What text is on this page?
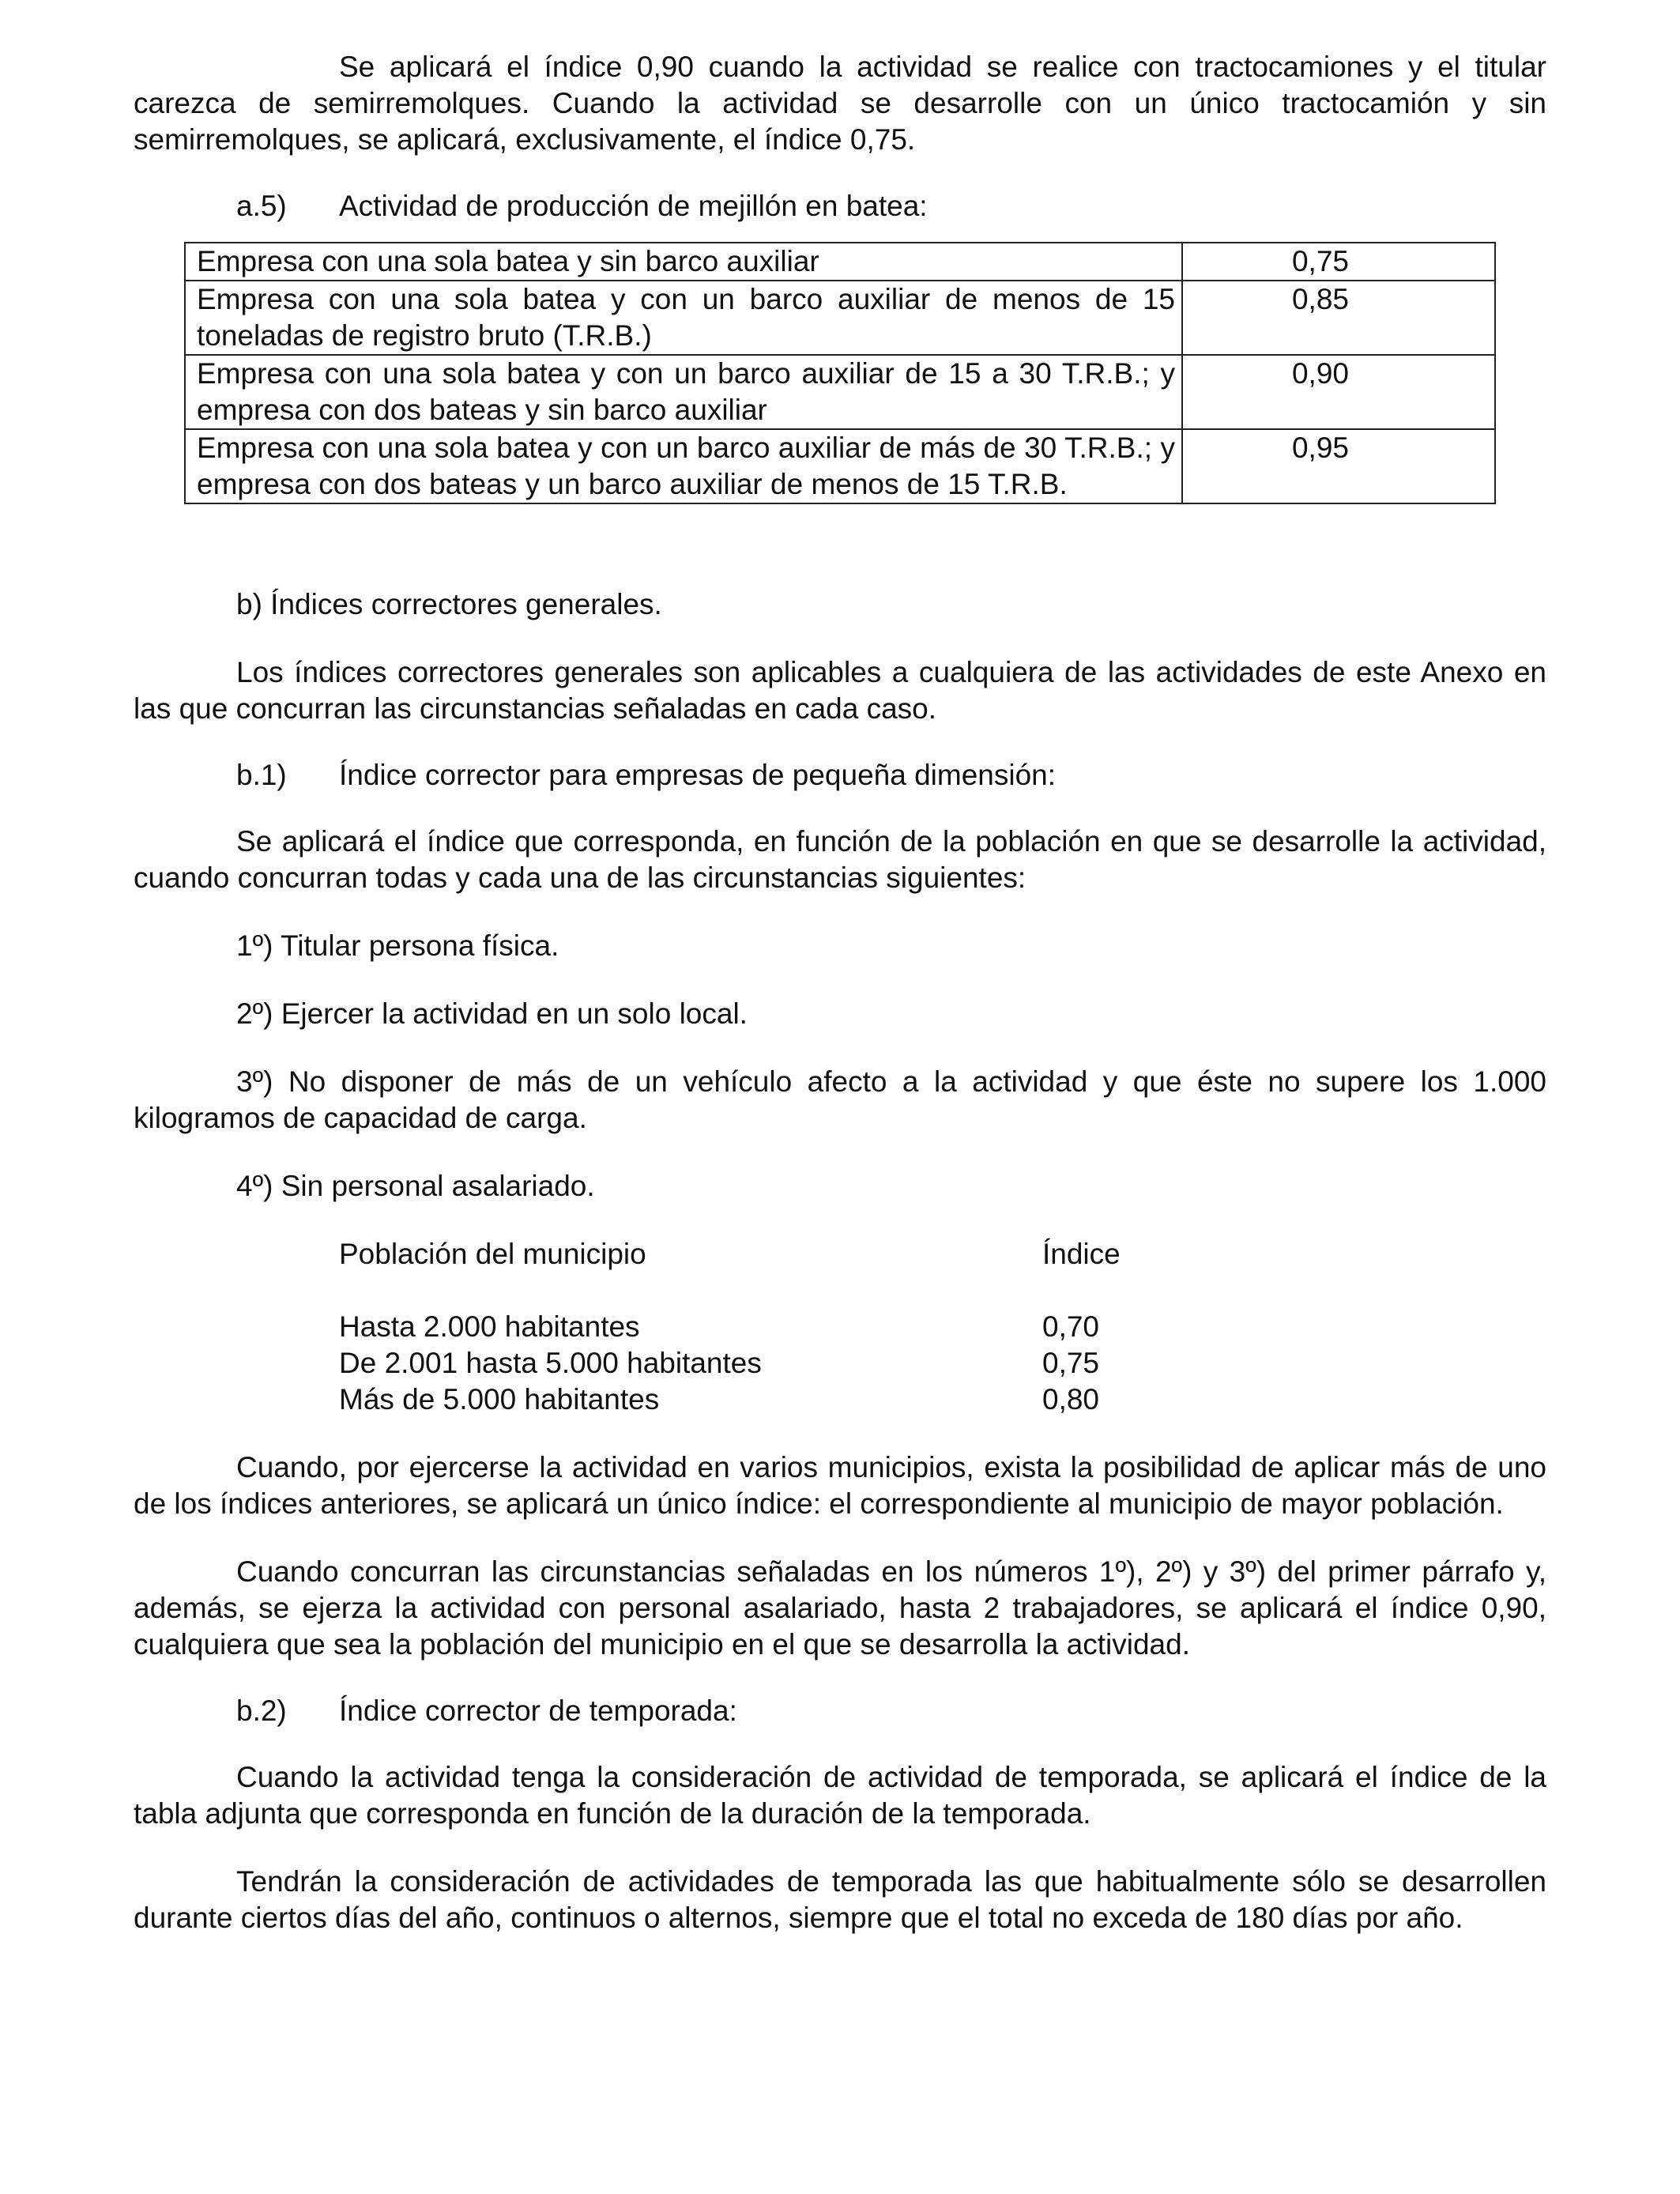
Se aplicará el índice 0,90 cuando la actividad se realice con tractocamiones y el titular carezca de semirremolques. Cuando la actividad se desarrolle con un único tractocamión y sin semirremolques, se aplicará, exclusivamente, el índice 0,75.

a.5)	Actividad de producción de mejillón en batea:
Empresa con una sola batea y sin barco auxiliar	0,75
Empresa con una sola batea y con un barco auxiliar de menos de 15 toneladas de registro bruto (T.R.B.)	0,85
Empresa con una sola batea y con un barco auxiliar de 15 a 30 T.R.B.; y empresa con dos bateas y sin barco auxiliar	0,90
Empresa con una sola batea y con un barco auxiliar de más de 30 T.R.B.; y empresa con dos bateas y un barco auxiliar de menos de 15 T.R.B.	0,95

b) Índices correctores generales.

Los índices correctores generales son aplicables a cualquiera de las actividades de este Anexo en las que concurran las circunstancias señaladas en cada caso.

b.1)	Índice corrector para empresas de pequeña dimensión:

Se aplicará el índice que corresponda, en función de la población en que se desarrolle la actividad, cuando concurran todas y cada una de las circunstancias siguientes:

1º) Titular persona física.

2º) Ejercer la actividad en un solo local.

3º) No disponer de más de un vehículo afecto a la actividad y que éste no supere los 1.000 kilogramos de capacidad de carga.

4º) Sin personal asalariado.

Población del municipio	Índice
Hasta 2.000 habitantes	0,70
De 2.001 hasta 5.000 habitantes	0,75
Más de 5.000 habitantes	0,80

Cuando, por ejercerse la actividad en varios municipios, exista la posibilidad de aplicar más de uno de los índices anteriores, se aplicará un único índice: el correspondiente al municipio de mayor población.

Cuando concurran las circunstancias señaladas en los números 1º), 2º) y 3º) del primer párrafo y, además, se ejerza la actividad con personal asalariado, hasta 2 trabajadores, se aplicará el índice 0,90, cualquiera que sea la población del municipio en el que se desarrolla la actividad.

b.2)	Índice corrector de temporada:

Cuando la actividad tenga la consideración de actividad de temporada, se aplicará el índice de la tabla adjunta que corresponda en función de la duración de la temporada.

Tendrán la consideración de actividades de temporada las que habitualmente sólo se desarrollen durante ciertos días del año, continuos o alternos, siempre que el total no exceda de 180 días por año.
